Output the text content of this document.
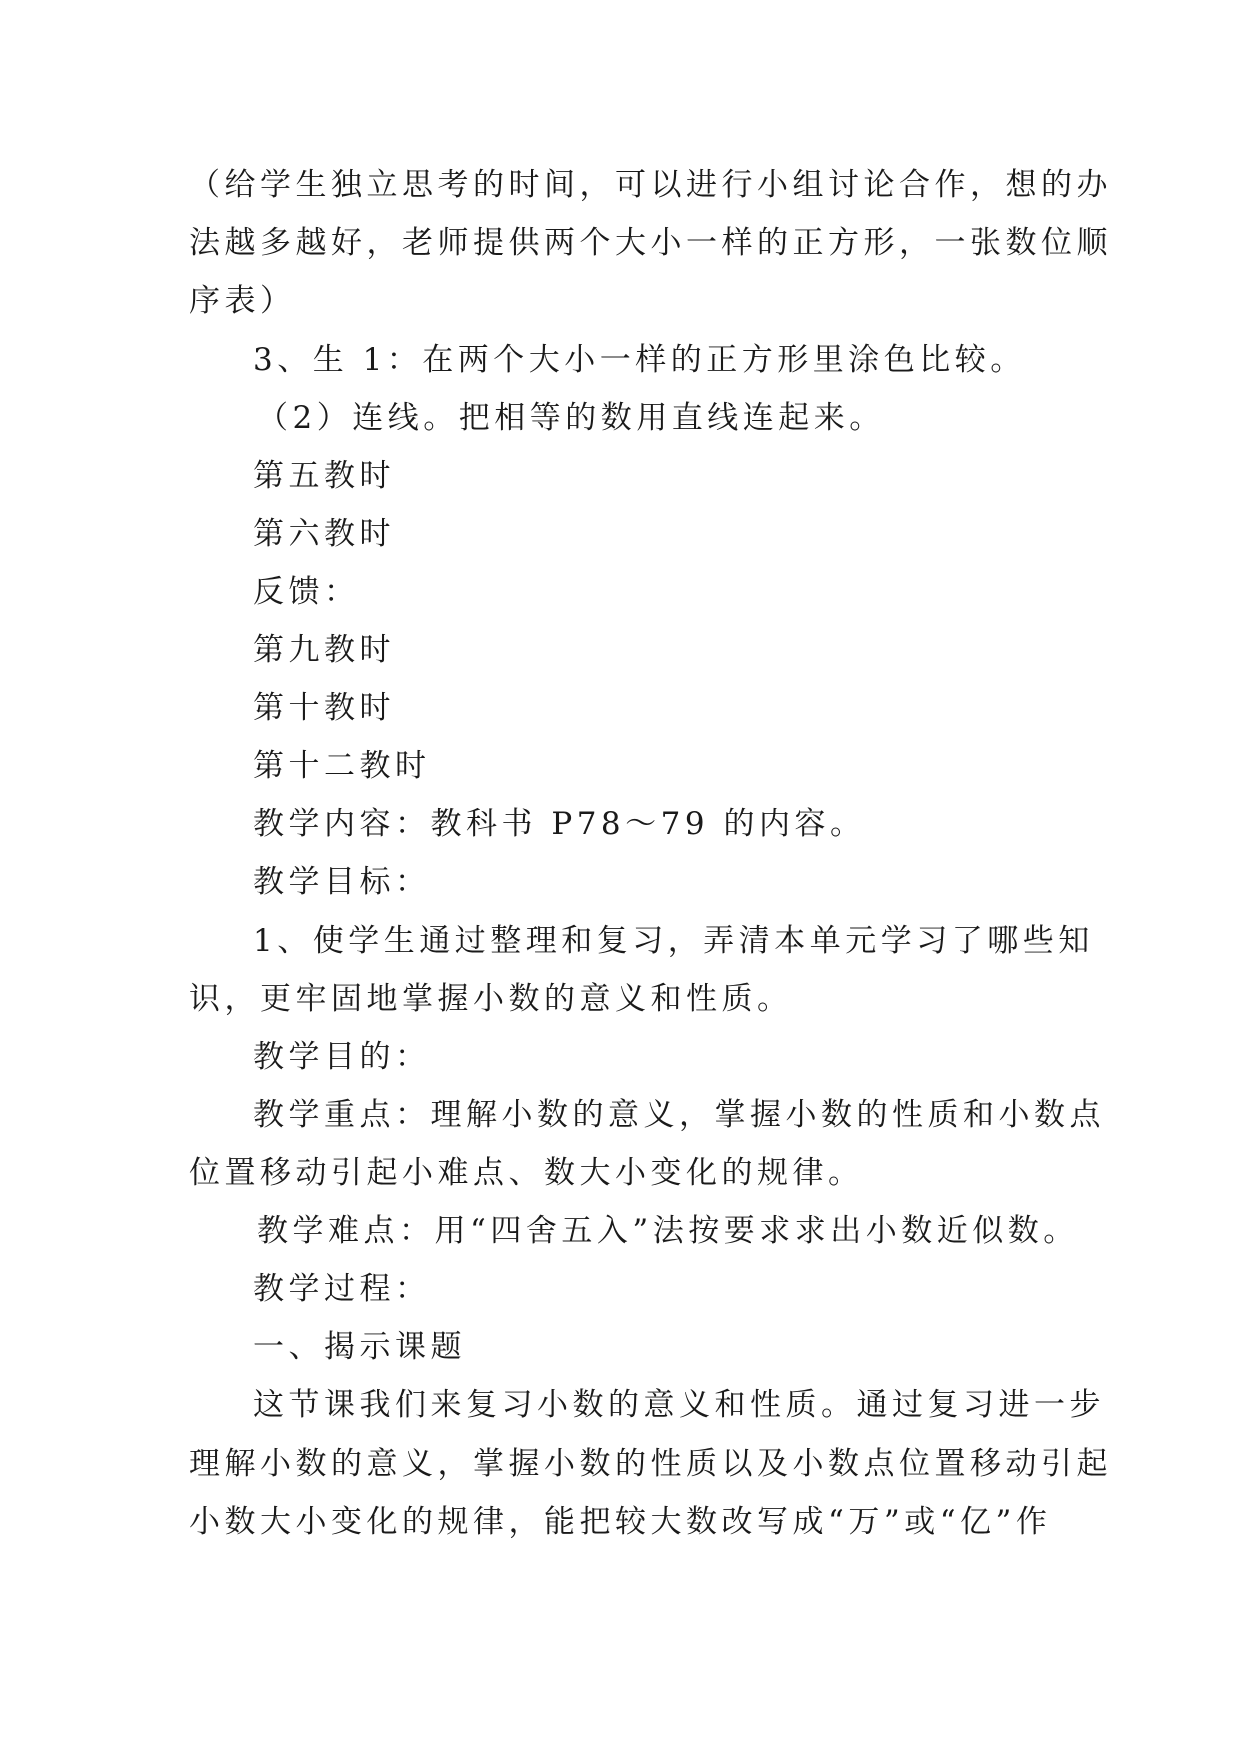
（给学生独立思考的时间，可以进行小组讨论合作，想的办
法越多越好，老师提供两个大小一样的正方形，一张数位顺
序表）
3、生 1：在两个大小一样的正方形里涂色比较。
（2）连线。把相等的数用直线连起来。
第五教时
第六教时
反馈：
第九教时
第十教时
第十二教时
教学内容：教科书 P78～79 的内容。
教学目标：
1、使学生通过整理和复习，弄清本单元学习了哪些知
识，更牢固地掌握小数的意义和性质。
教学目的：
教学重点：理解小数的意义，掌握小数的性质和小数点
位置移动引起小难点、数大小变化的规律。
教学难点：用“四舍五入”法按要求求出小数近似数。
教学过程：
一、揭示课题
这节课我们来复习小数的意义和性质。通过复习进一步
理解小数的意义，掌握小数的性质以及小数点位置移动引起
小数大小变化的规律，能把较大数改写成“万”或“亿”作
